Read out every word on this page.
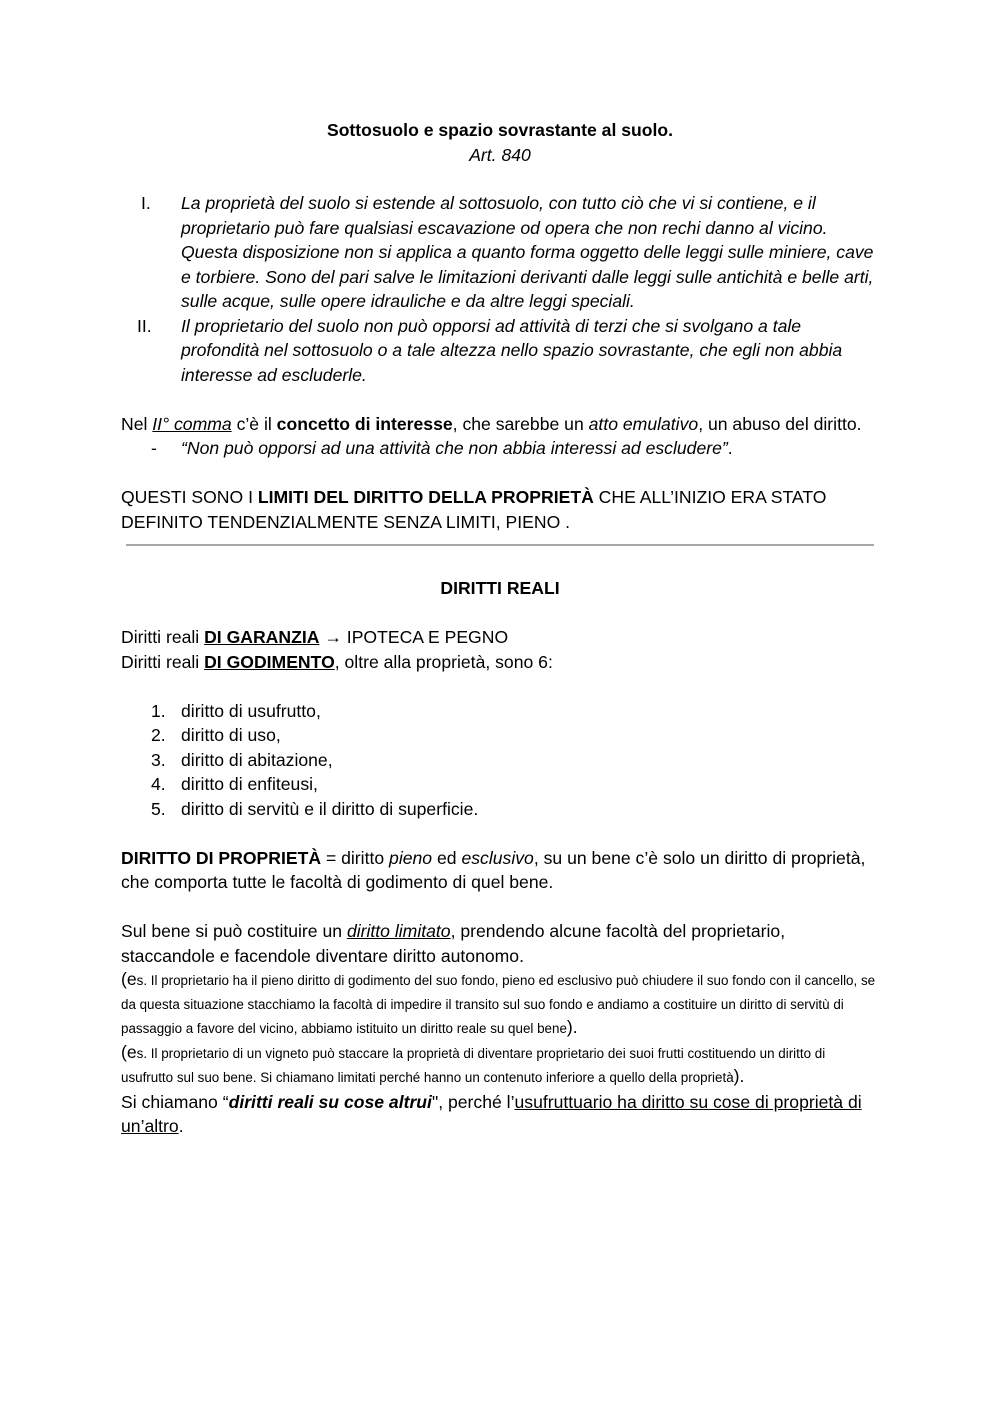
Sottosuolo e spazio sovrastante al suolo.

Art. 840

I.	La proprietà del suolo si estende al sottosuolo, con tutto ciò che vi si contiene, e il proprietario può fare qualsiasi escavazione od opera che non rechi danno al vicino. Questa disposizione non si applica a quanto forma oggetto delle leggi sulle miniere, cave e torbiere. Sono del pari salve le limitazioni derivanti dalle leggi sulle antichità e belle arti, sulle acque, sulle opere idrauliche e da altre leggi speciali.
II.	Il proprietario del suolo non può opporsi ad attività di terzi che si svolgano a tale profondità nel sottosuolo o a tale altezza nello spazio sovrastante, che egli non abbia interesse ad escluderle.

Nel II° comma c’è il concetto di interesse, che sarebbe un atto emulativo, un abuso del diritto.

-	“Non può opporsi ad una attività che non abbia interessi ad escludere”.

QUESTI SONO I LIMITI DEL DIRITTO DELLA PROPRIETÀ CHE ALL’INIZIO ERA STATO DEFINITO TENDENZIALMENTE SENZA LIMITI, PIENO .

DIRITTI REALI

Diritti reali DI GARANZIA → IPOTECA E PEGNO

Diritti reali DI GODIMENTO, oltre alla proprietà, sono 6:

1. diritto di usufrutto,
2. diritto di uso,
3. diritto di abitazione,
4. diritto di enfiteusi,
5. diritto di servitù e il diritto di superficie.

DIRITTO DI PROPRIETÀ = diritto pieno ed esclusivo, su un bene c’è solo un diritto di proprietà, che comporta tutte le facoltà di godimento di quel bene.

Sul bene si può costituire un diritto limitato, prendendo alcune facoltà del proprietario, staccandole e facendole diventare diritto autonomo.

(es. Il proprietario ha il pieno diritto di godimento del suo fondo, pieno ed esclusivo può chiudere il suo fondo con il cancello, se da questa situazione stacchiamo la facoltà di impedire il transito sul suo fondo e andiamo a costituire un diritto di servitù di passaggio a favore del vicino, abbiamo istituito un diritto reale su quel bene).

(es. Il proprietario di un vigneto può staccare la proprietà di diventare proprietario dei suoi frutti costituendo un diritto di usufrutto sul suo bene. Si chiamano limitati perché hanno un contenuto inferiore a quello della proprietà).

Si chiamano “diritti reali su cose altrui", perché l’usufruttuario ha diritto su cose di proprietà di un’altro.
